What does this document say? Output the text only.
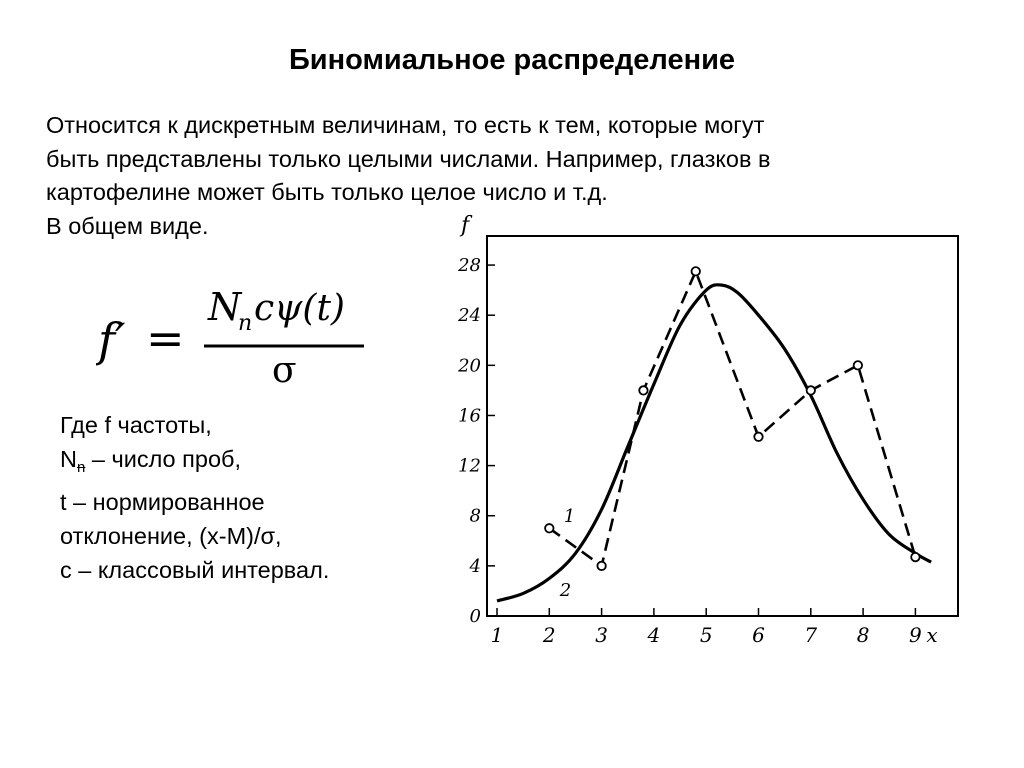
Биномиальное распределение
Относится к дискретным величинам, то есть к тем, которые могут
быть представлены только целыми числами. Например, глазков в
картофелине может быть только целое число и т.д.
В общем виде.
f′ =
N
n cψ(t)
σ
Где f частоты,
$N_n$ – число проб,
t – нормированное
отклонение, (x-M)/σ,
c – классовый интервал.
0
4
8
12
16
20
24
28
1 2 3 4 5 6 7 8 9 x
f
1
2
